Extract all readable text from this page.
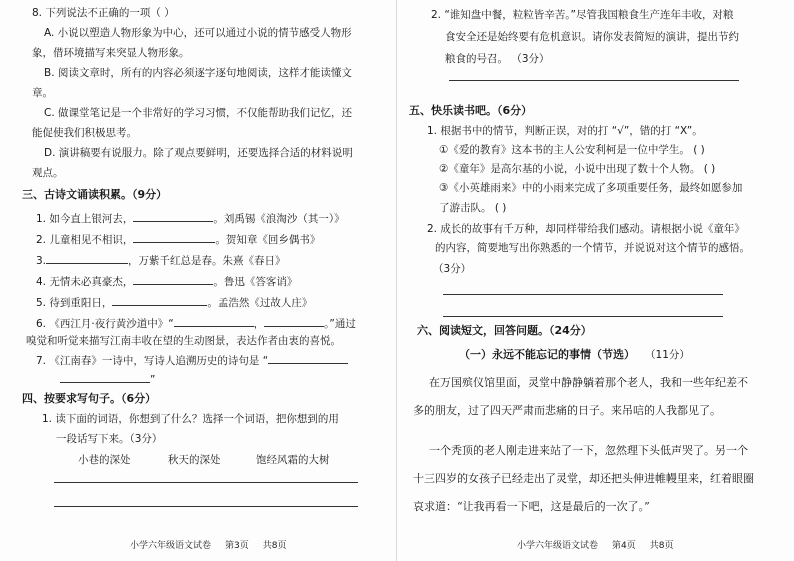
8. 下列说法不正确的一项（ ）
A. 小说以塑造人物形象为中心，还可以通过小说的情节感受人物形
象，借环境描写来突显人物形象。
B. 阅读文章时，所有的内容必须逐字逐句地阅读，这样才能读懂文
章。
C. 做课堂笔记是一个非常好的学习习惯，不仅能帮助我们记忆，还
能促使我们积极思考。
D. 演讲稿要有说服力。除了观点要鲜明，还要选择合适的材料说明
观点。
三、古诗文诵读积累。（9分）
1. 如今直上银河去，	。刘禹锡《浪淘沙（其一）》
2. 儿童相见不相识，	。贺知章《回乡偶书》
3.	，万紫千红总是春。朱熹《春日》
4. 无情未必真豪杰，	。鲁迅《答客诮》
5. 待到重阳日，	。孟浩然《过故人庄》
6. 《西江月·夜行黄沙道中》“	，	。”通过
嗅觉和听觉来描写江南丰收在望的生动图景，表达作者由衷的喜悦。
7. 《江南春》一诗中，写诗人追溯历史的诗句是 “
”
四、按要求写句子。（6分）
1. 读下面的词语，你想到了什么？选择一个词语，把你想到的用
一段话写下来。（3分）
小巷的深处	秋天的深处	饱经风霜的大树
小学六年级语文试卷 第3页 共8页
2. “谁知盘中餐，粒粒皆辛苦。”尽管我国粮食生产连年丰收，对粮
食安全还是始终要有危机意识。请你发表简短的演讲，提出节约
粮食的号召。 （3分）
五、快乐读书吧。（6分）
1. 根据书中的情节，判断正误，对的打 “√”，错的打 “X”。
①《爱的教育》这本书的主人公安利柯是一位中学生。 ( )
②《童年》是高尔基的小说，小说中出现了数十个人物。 ( )
③《小英雄雨来》中的小雨来完成了多项重要任务，最终如愿参加
了游击队。 ( )
2. 成长的故事有千万种，却同样带给我们感动。请根据小说《童年》
的内容，简要地写出你熟悉的一个情节，并说说对这个情节的感悟。
（3分）
六、阅读短文，回答问题。（24分）
（一）永远不能忘记的事情（节选） （11分）
在万国殡仪馆里面，灵堂中静静躺着那个老人，我和一些年纪差不
多的朋友，过了四天严肃而悲痛的日子。来吊唁的人我都见了。
一个秃顶的老人刚走进来站了一下，忽然理下头低声哭了。另一个
十三四岁的女孩子已经走出了灵堂，却还把头伸进帷幔里来，红着眼圈
哀求道：“让我再看一下吧，这是最后的一次了。”
小学六年级语文试卷 第4页 共8页
